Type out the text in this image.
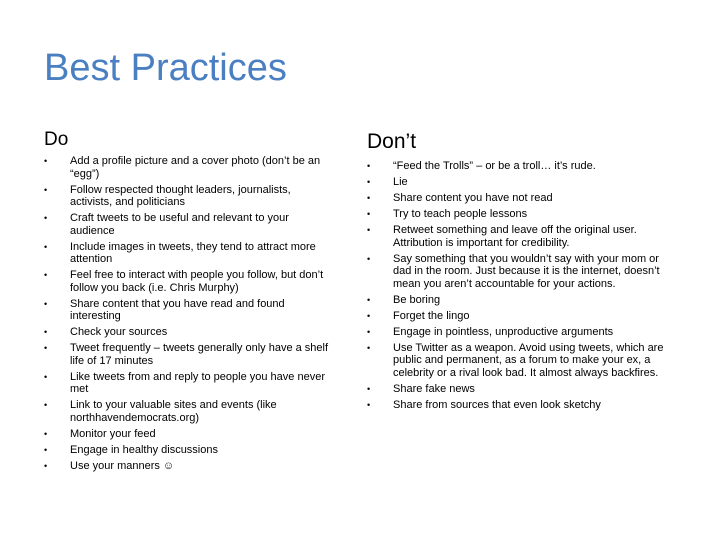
Best Practices
Do
•	Add a profile picture and a cover photo (don’t be an “egg”)
•	Follow respected thought leaders, journalists, activists, and politicians
•	Craft tweets to be useful and relevant to your audience
•	Include images in tweets, they tend to attract more attention
•	Feel free to interact with people you follow, but don’t follow you back (i.e. Chris Murphy)
•	Share content that you have read and found interesting
•	Check your sources
•	Tweet frequently – tweets generally only have a shelf life of 17 minutes
•	Like tweets from and reply to people you have never met
•	Link to your valuable sites and events (like northhavendemocrats.org)
•	Monitor your feed
•	Engage in healthy discussions
•	Use your manners ☺
Don’t
•	“Feed the Trolls” – or be a troll… it’s rude.
•	Lie
•	Share content you have not read
•	Try to teach people lessons
•	Retweet something and leave off the original user. Attribution is important for credibility.
•	Say something that you wouldn’t say with your mom or dad in the room. Just because it is the internet, doesn’t mean you aren’t accountable for your actions.
•	Be boring
•	Forget the lingo
•	Engage in pointless, unproductive arguments
•	Use Twitter as a weapon. Avoid using tweets, which are public and permanent, as a forum to make your ex, a celebrity or a rival look bad. It almost always backfires.
•	Share fake news
•	Share from sources that even look sketchy
